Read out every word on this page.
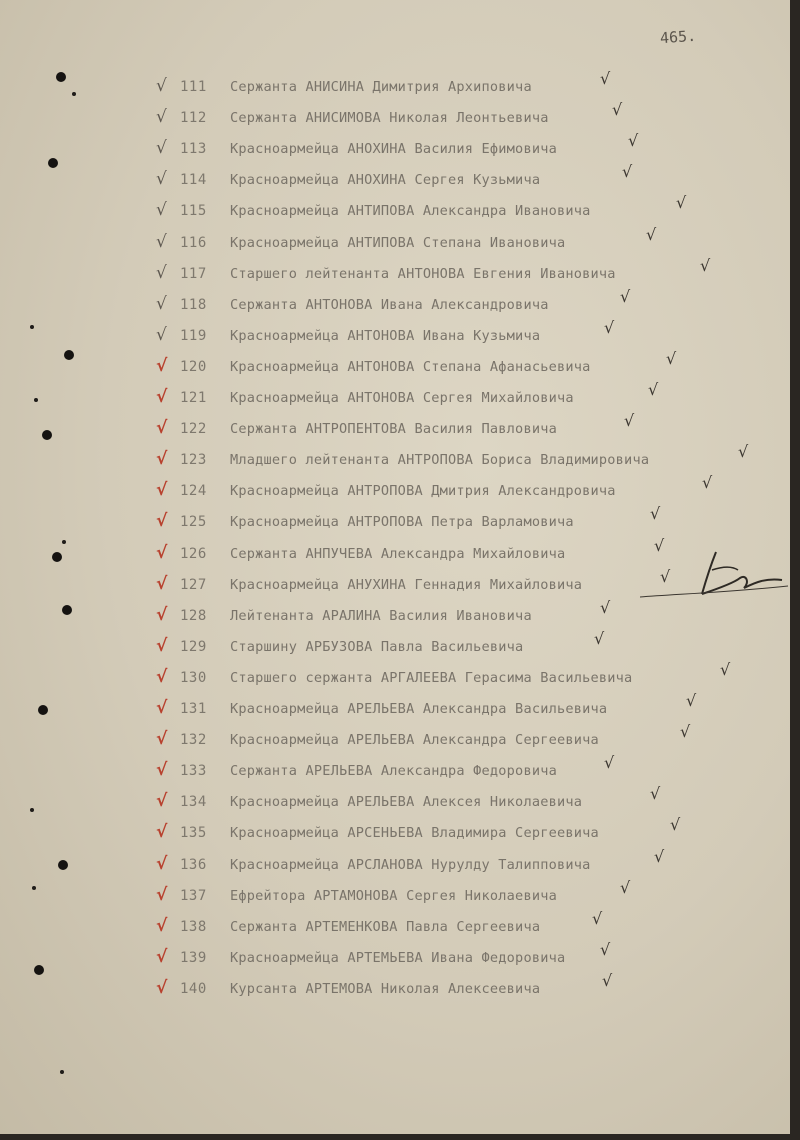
465.
√ 111	Сержанта АНИСИНА Димитрия Архиповича	√
√ 112	Сержанта АНИСИМОВА Николая Леонтьевича	√
√ 113	Красноармейца АНОХИНА Василия Ефимовича	√
√ 114	Красноармейца АНОХИНА Сергея Кузьмича	√
√ 115	Красноармейца АНТИПОВА Александра Ивановича	√
√ 116	Красноармейца АНТИПОВА Степана Ивановича	√
√ 117	Старшего лейтенанта АНТОНОВА Евгения Ивановича	√
√ 118	Сержанта АНТОНОВА Ивана Александровича	√
√ 119	Красноармейца АНТОНОВА Ивана Кузьмича	√
√ 120	Красноармейца АНТОНОВА Степана Афанасьевича	√
√ 121	Красноармейца АНТОНОВА Сергея Михайловича	√
√ 122	Сержанта АНТРОПЕНТОВА Василия Павловича	√
√ 123	Младшего лейтенанта АНТРОПОВА Бориса Владимировича	√
√ 124	Красноармейца АНТРОПОВА Дмитрия Александровича	√
√ 125	Красноармейца АНТРОПОВА Петра Варламовича	√
√ 126	Сержанта АНПУЧЕВА Александра Михайловича	√
√ 127	Красноармейца АНУХИНА Геннадия Михайловича	√
√ 128	Лейтенанта АРАЛИНА Василия Ивановича	√
√ 129	Старшину АРБУЗОВА Павла Васильевича	√
√ 130	Старшего сержанта АРГАЛЕЕВА Герасима Васильевича	√
√ 131	Красноармейца АРЕЛЬЕВА Александра Васильевича	√
√ 132	Красноармейца АРЕЛЬЕВА Александра Сергеевича	√
√ 133	Сержанта АРЕЛЬЕВА Александра Федоровича	√
√ 134	Красноармейца АРЕЛЬЕВА Алексея Николаевича	√
√ 135	Красноармейца АРСЕНЬЕВА Владимира Сергеевича	√
√ 136	Красноармейца АРСЛАНОВА Нурулду Талипповича	√
√ 137	Ефрейтора АРТАМОНОВА Сергея Николаевича	√
√ 138	Сержанта АРТЕМЕНКОВА Павла Сергеевича	√
√ 139	Красноармейца АРТЕМЬЕВА Ивана Федоровича √
√ 140	Курсанта АРТЕМОВА Николая Алексеевича	√
